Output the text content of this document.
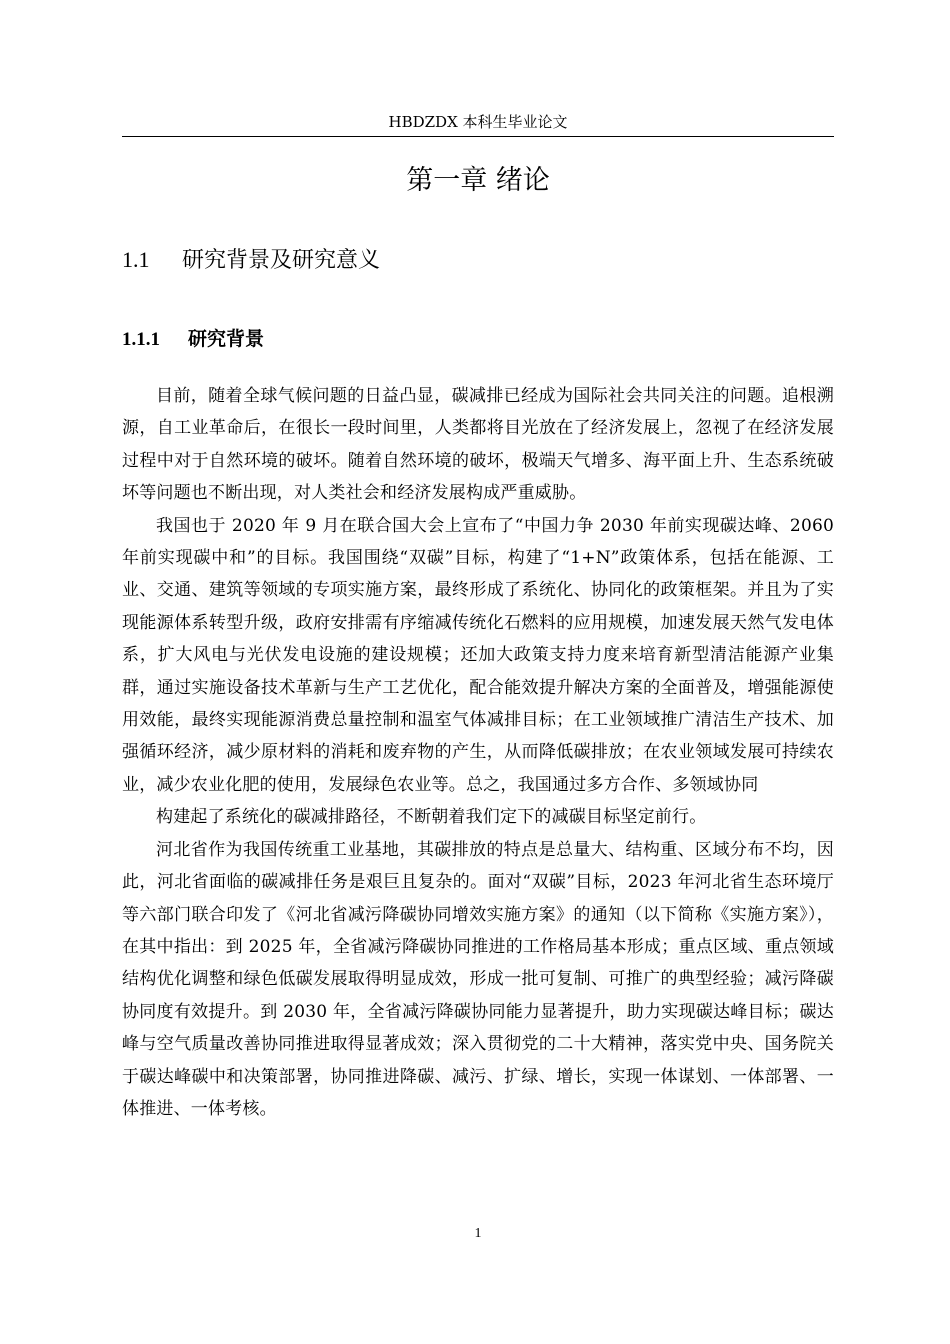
HBDZDX 本科生毕业论文
第一章 绪论
1.1 研究背景及研究意义
1.1.1 研究背景

目前，随着全球气候问题的日益凸显，碳减排已经成为国际社会共同关注的问题。追根溯源，自工业革命后，在很长一段时间里，人类都将目光放在了经济发展上，忽视了在经济发展过程中对于自然环境的破坏。随着自然环境的破坏，极端天气增多、海平面上升、生态系统破坏等问题也不断出现，对人类社会和经济发展构成严重威胁。

我国也于 2020 年 9 月在联合国大会上宣布了“中国力争 2030 年前实现碳达峰、2060 年前实现碳中和”的目标。我国围绕“双碳”目标，构建了“1+N”政策体系，包括在能源、工业、交通、建筑等领域的专项实施方案，最终形成了系统化、协同化的政策框架。并且为了实现能源体系转型升级，政府安排需有序缩减传统化石燃料的应用规模，加速发展天然气发电体系，扩大风电与光伏发电设施的建设规模；还加大政策支持力度来培育新型清洁能源产业集群，通过实施设备技术革新与生产工艺优化，配合能效提升解决方案的全面普及，增强能源使用效能，最终实现能源消费总量控制和温室气体减排目标；在工业领域推广清洁生产技术、加强循环经济，减少原材料的消耗和废弃物的产生，从而降低碳排放；在农业领域发展可持续农业，减少农业化肥的使用，发展绿色农业等。总之，我国通过多方合作、多领域协同

构建起了系统化的碳减排路径，不断朝着我们定下的减碳目标坚定前行。

河北省作为我国传统重工业基地，其碳排放的特点是总量大、结构重、区域分布不均，因此，河北省面临的碳减排任务是艰巨且复杂的。面对“双碳”目标，2023 年河北省生态环境厅等六部门联合印发了《河北省减污降碳协同增效实施方案》的通知（以下简称《实施方案》），在其中指出：到 2025 年，全省减污降碳协同推进的工作格局基本形成；重点区域、重点领域结构优化调整和绿色低碳发展取得明显成效，形成一批可复制、可推广的典型经验；减污降碳协同度有效提升。到 2030 年，全省减污降碳协同能力显著提升，助力实现碳达峰目标；碳达峰与空气质量改善协同推进取得显著成效；深入贯彻党的二十大精神，落实党中央、国务院关于碳达峰碳中和决策部署，协同推进降碳、减污、扩绿、增长，实现一体谋划、一体部署、一体推进、一体考核。

1
